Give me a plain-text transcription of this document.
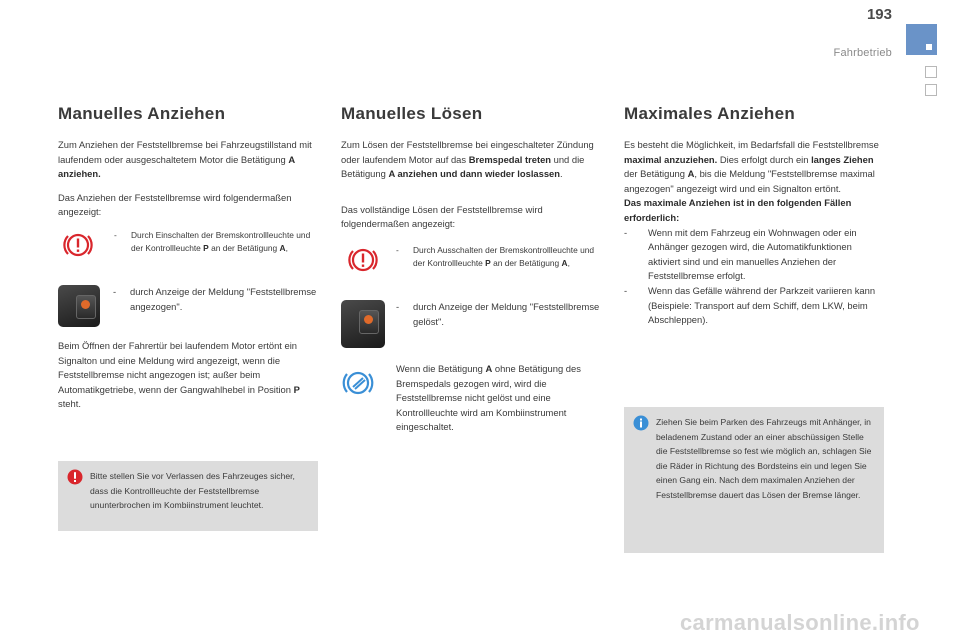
193
Fahrbetrieb
Manuelles Anziehen

Zum Anziehen der Feststellbremse bei Fahrzeugstillstand mit laufendem oder ausgeschaltetem Motor die Betätigung A anziehen.

Das Anziehen der Feststellbremse wird folgendermaßen angezeigt:

-	Durch Einschalten der Bremskontrollleuchte und der Kontrollleuchte P an der Betätigung A,
-	durch Anzeige der Meldung "Feststellbremse angezogen".

Beim Öffnen der Fahrertür bei laufendem Motor ertönt ein Signalton und eine Meldung wird angezeigt, wenn die Feststellbremse nicht angezogen ist; außer beim Automatikgetriebe, wenn der Gangwahlhebel in Position P steht.

Bitte stellen Sie vor Verlassen des Fahrzeuges sicher, dass die Kontrollleuchte der Feststellbremse ununterbrochen im Kombiinstrument leuchtet.

Manuelles Lösen

Zum Lösen der Feststellbremse bei eingeschalteter Zündung oder laufendem Motor auf das Bremspedal treten und die Betätigung A anziehen und dann wieder loslassen.

Das vollständige Lösen der Feststellbremse wird folgendermaßen angezeigt:

-	Durch Ausschalten der Bremskontrollleuchte und der Kontrollleuchte P an der Betätigung A,
-	durch Anzeige der Meldung "Feststellbremse gelöst".

Wenn die Betätigung A ohne Betätigung des Bremspedals gezogen wird, wird die Feststellbremse nicht gelöst und eine Kontrollleuchte wird am Kombiinstrument eingeschaltet.

Maximales Anziehen

Es besteht die Möglichkeit, im Bedarfsfall die Feststellbremse maximal anzuziehen. Dies erfolgt durch ein langes Ziehen der Betätigung A, bis die Meldung "Feststellbremse maximal angezogen" angezeigt wird und ein Signalton ertönt.

Das maximale Anziehen ist in den folgenden Fällen erforderlich:

-	Wenn mit dem Fahrzeug ein Wohnwagen oder ein Anhänger gezogen wird, die Automatikfunktionen aktiviert sind und ein manuelles Anziehen der Feststellbremse erfolgt.
-	Wenn das Gefälle während der Parkzeit variieren kann (Beispiele: Transport auf dem Schiff, dem LKW, beim Abschleppen).

Ziehen Sie beim Parken des Fahrzeugs mit Anhänger, in beladenem Zustand oder an einer abschüssigen Stelle die Feststellbremse so fest wie möglich an, schlagen Sie die Räder in Richtung des Bordsteins ein und legen Sie einen Gang ein. Nach dem maximalen Anziehen der Feststellbremse dauert das Lösen der Bremse länger.

carmanualsonline.info
